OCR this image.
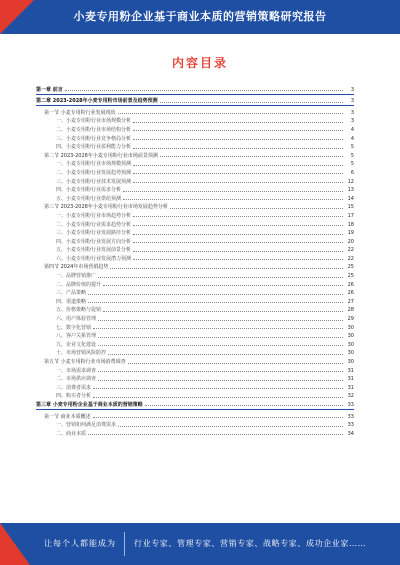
小麦专用粉企业基于商业本质的营销策略研究报告
内容目录
第一章 前言	3
第二章 2023-2028年小麦专用粉市场前景及趋势预测	3
第一节 小麦专用粉行业发展现状	3
一、小麦专用粉行业市场规模分析	3
二、小麦专用粉行业市场结构分析	4
三、小麦专用粉行业竞争格局分析	4
四、小麦专用粉行业盈利能力分析	5
第二节 2023-2028年小麦专用粉行业市场前景预测	5
一、小麦专用粉行业市场规模预测	5
二、小麦专用粉行业发展趋势预测	6
三、小麦专用粉行业技术发展预测	12
四、小麦专用粉行业需求分析	13
五、小麦专用粉行业供给预测	14
第三节 2023-2028年小麦专用粉行业市场发展趋势分析	15
一、小麦专用粉行业市场趋势分析	17
二、小麦专用粉行业需求趋势分析	18
三、小麦专用粉行业发展路径分析	19
四、小麦专用粉行业发展方向分析	20
五、小麦专用粉行业发展前景分析	22
六、小麦专用粉行业发展潜力预测	22
第四节 2024年市场营销趋势	25
一、品牌营销推广	25
二、品牌价值的提升	26
三、产品策略	26
四、渠道策略	27
五、价格策略与促销	28
六、用户体验管理	29
七、数字化营销	30
八、客户关系管理	30
九、企业文化建设	30
十、市场营销风险防控	30
第五节 小麦专用粉行业市场消费调查	30
一、市场需求调查	31
二、市场供应调查	31
三、消费者需求	31
四、购买者分析	32
第三章 小麦专用粉企业基于商业本质的营销策略	33
第一节 商业本质概述	33
一、营销如何满足消费需求	33
二、商业本质	34
让每个人都能成为 行业专家、管理专家、营销专家、战略专家、成功企业家……
